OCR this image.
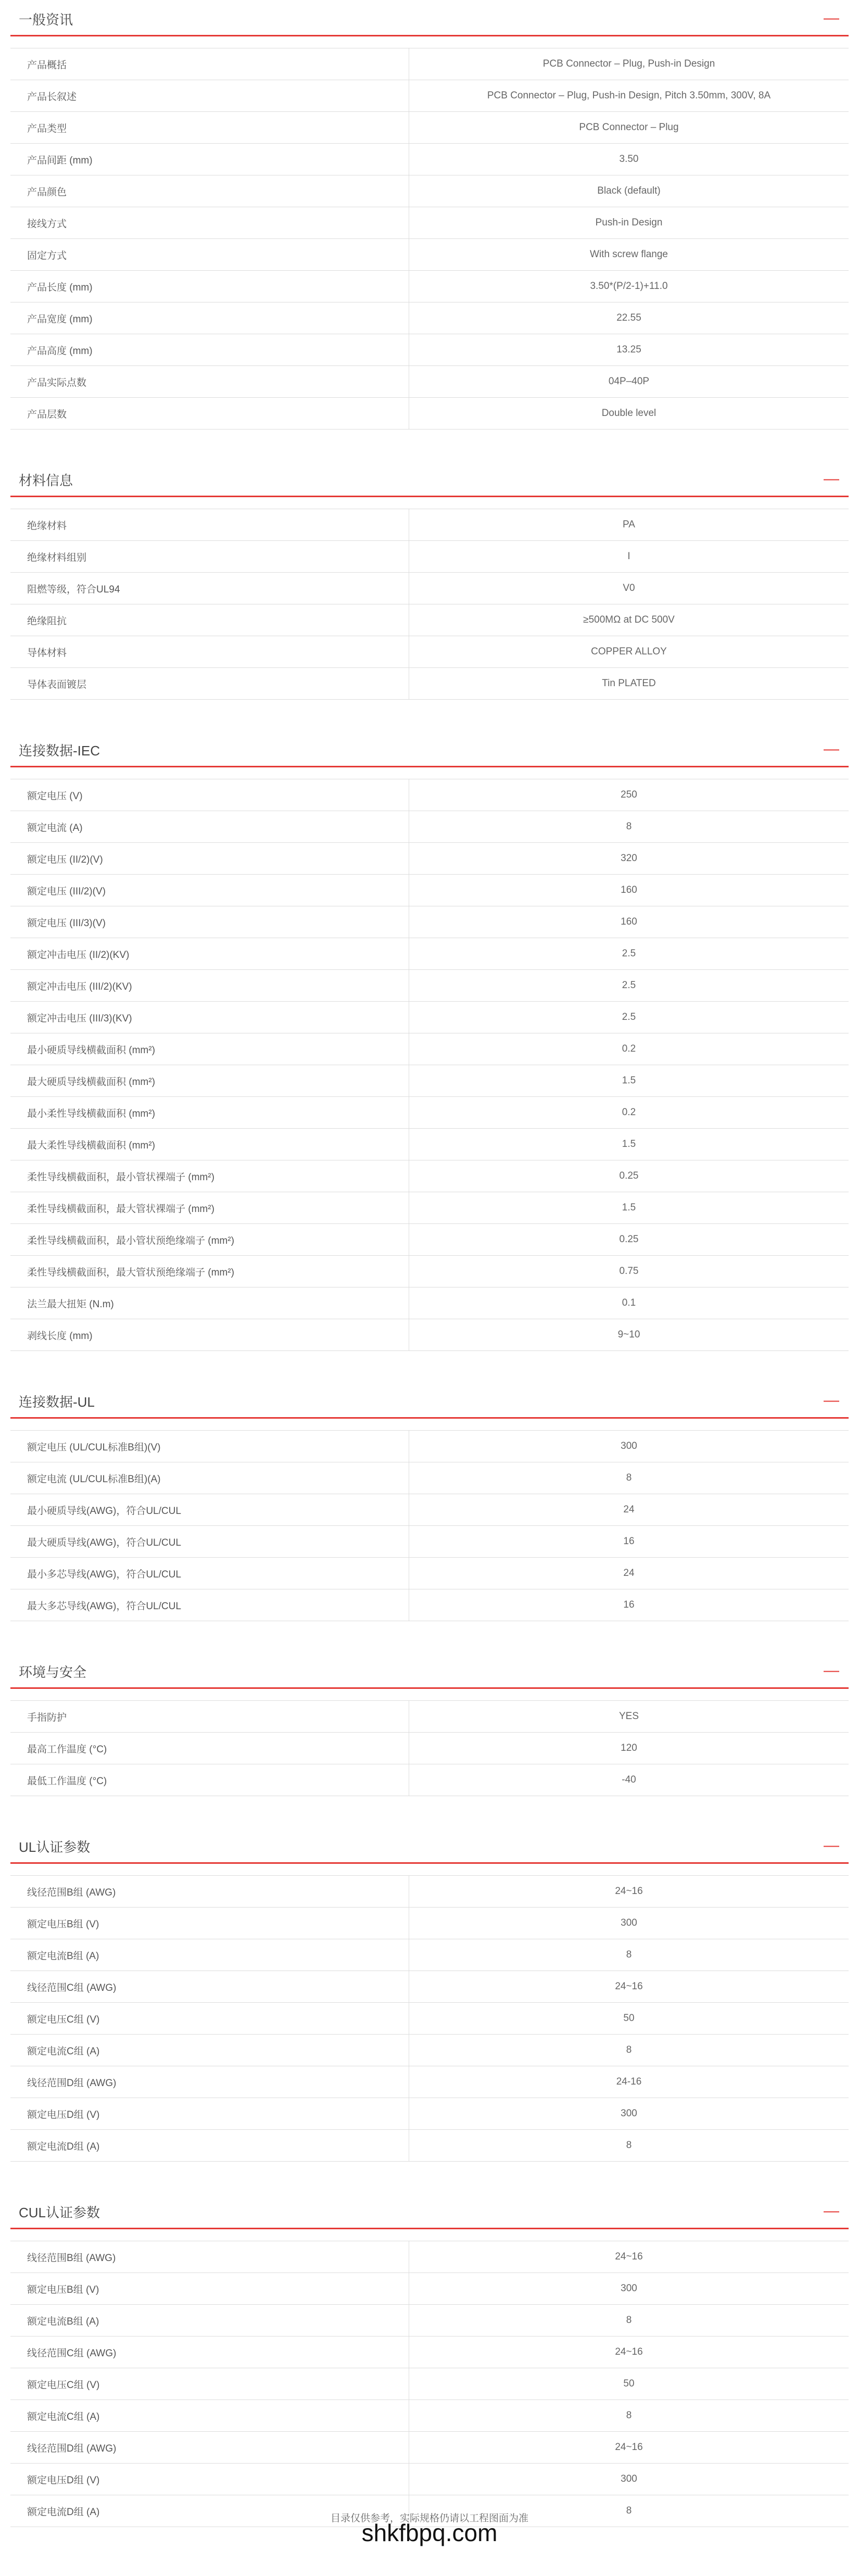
一般资讯	—
产品概括	PCB Connector – Plug, Push-in Design
产品长叙述	PCB Connector – Plug, Push-in Design, Pitch 3.50mm, 300V, 8A
产品类型	PCB Connector – Plug
产品间距 (mm)	3.50
产品颜色	Black (default)
接线方式	Push-in Design
固定方式	With screw flange
产品长度 (mm)	3.50*(P/2-1)+11.0
产品宽度 (mm)	22.55
产品高度 (mm)	13.25
产品实际点数	04P–40P
产品层数	Double level
材料信息	—
绝缘材料	PA
绝缘材料组别	I
阻燃等级，符合UL94	V0
绝缘阻抗	≥500MΩ at DC 500V
导体材料	COPPER ALLOY
导体表面镀层	Tin PLATED
连接数据-IEC	—
额定电压 (V)	250
额定电流 (A)	8
额定电压 (II/2)(V)	320
额定电压 (III/2)(V)	160
额定电压 (III/3)(V)	160
额定冲击电压 (II/2)(KV)	2.5
额定冲击电压 (III/2)(KV)	2.5
额定冲击电压 (III/3)(KV)	2.5
最小硬质导线横截面积 (mm²)	0.2
最大硬质导线横截面积 (mm²)	1.5
最小柔性导线横截面积 (mm²)	0.2
最大柔性导线横截面积 (mm²)	1.5
柔性导线横截面积，最小管状裸端子 (mm²)	0.25
柔性导线横截面积，最大管状裸端子 (mm²)	1.5
柔性导线横截面积，最小管状预绝缘端子 (mm²)	0.25
柔性导线横截面积，最大管状预绝缘端子 (mm²)	0.75
法兰最大扭矩 (N.m)	0.1
剥线长度 (mm)	9~10
连接数据-UL	—
额定电压 (UL/CUL标准B组)(V)	300
额定电流 (UL/CUL标准B组)(A)	8
最小硬质导线(AWG)，符合UL/CUL	24
最大硬质导线(AWG)，符合UL/CUL	16
最小多芯导线(AWG)，符合UL/CUL	24
最大多芯导线(AWG)，符合UL/CUL	16
环境与安全	—
手指防护	YES
最高工作温度 (°C)	120
最低工作温度 (°C)	-40
UL认证参数	—
线径范围B组 (AWG)	24~16
额定电压B组 (V)	300
额定电流B组 (A)	8
线径范围C组 (AWG)	24~16
额定电压C组 (V)	50
额定电流C组 (A)	8
线径范围D组 (AWG)	24-16
额定电压D组 (V)	300
额定电流D组 (A)	8
CUL认证参数	—
线径范围B组 (AWG)	24~16
额定电压B组 (V)	300
额定电流B组 (A)	8
线径范围C组 (AWG)	24~16
额定电压C组 (V)	50
额定电流C组 (A)	8
线径范围D组 (AWG)	24~16
额定电压D组 (V)	300
额定电流D组 (A)	8
目录仅供参考，实际规格仍请以工程图面为准
shkfbpq.com
